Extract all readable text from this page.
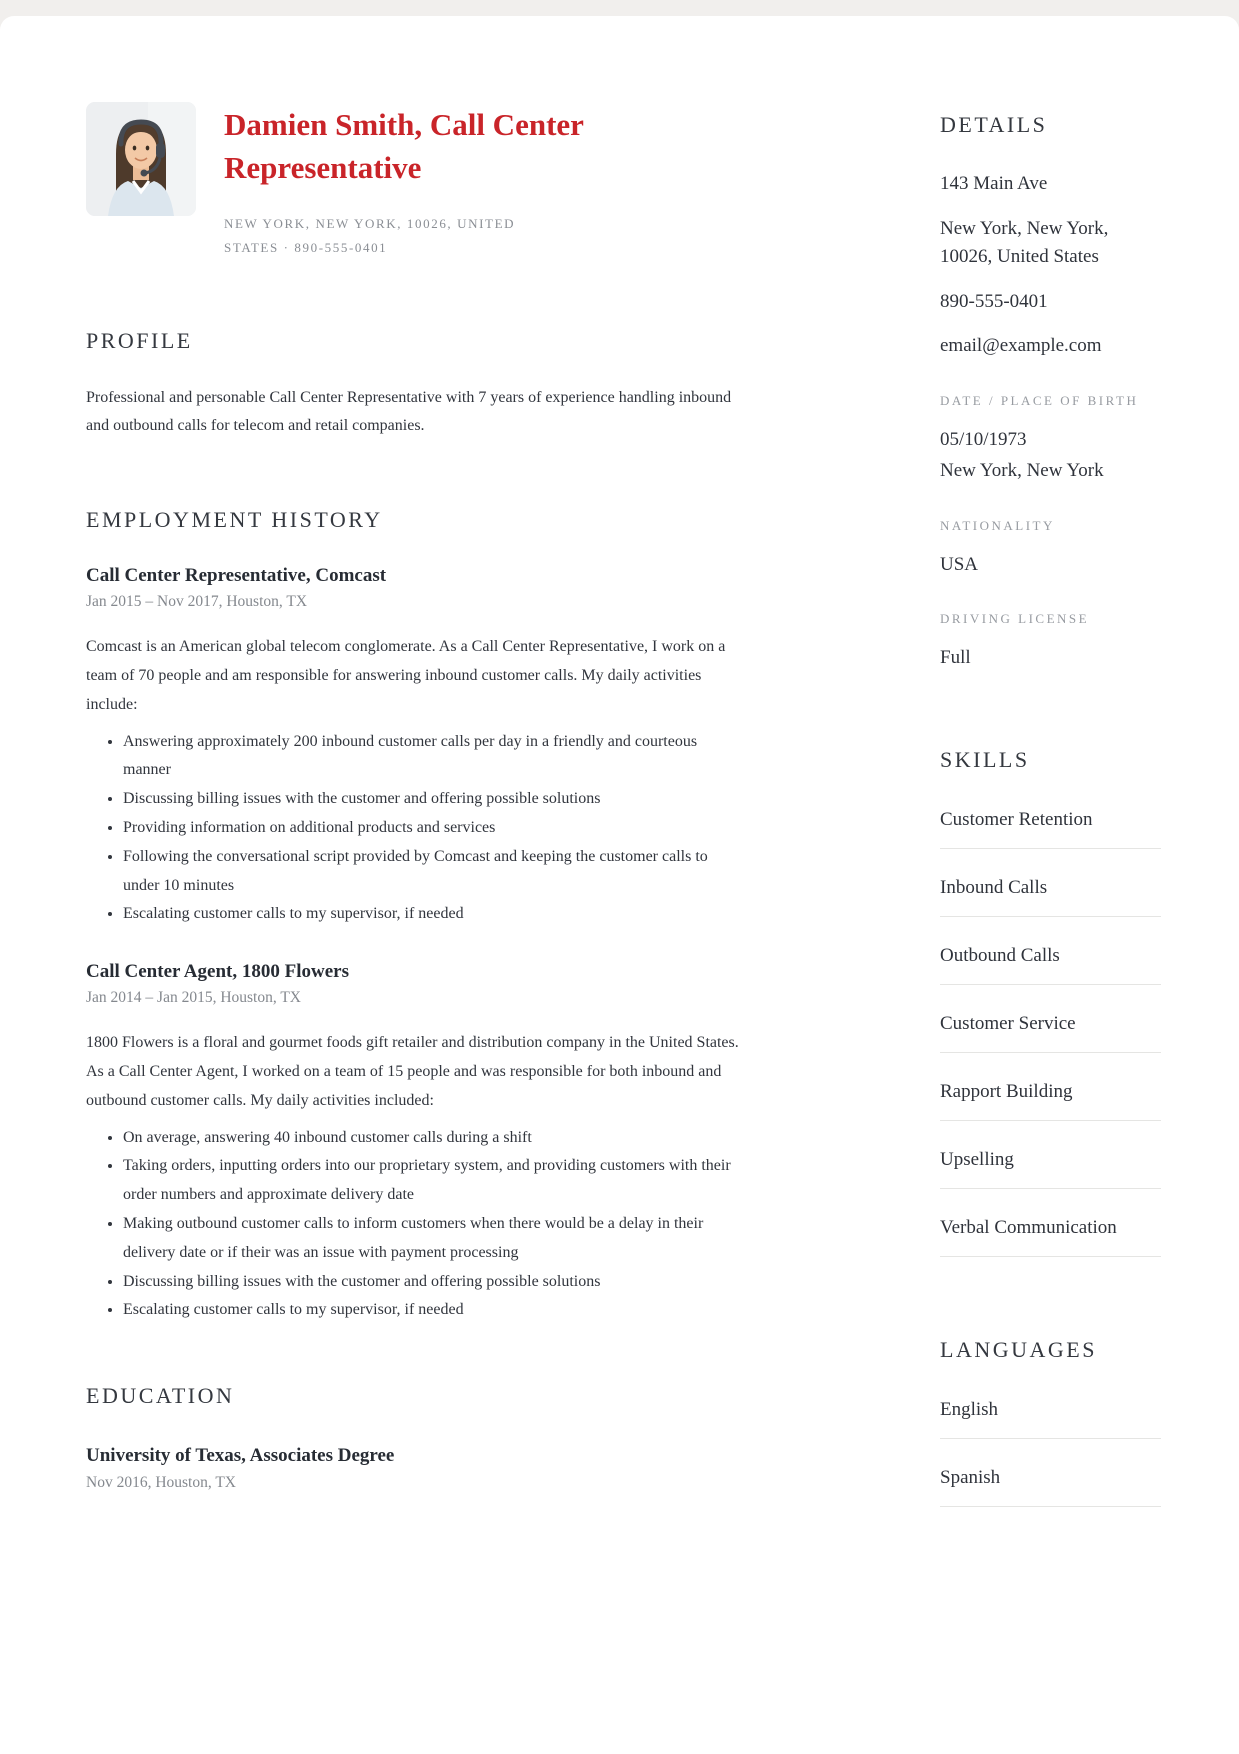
Damien Smith, Call Center Representative
NEW YORK, NEW YORK, 10026, UNITED STATES · 890-555-0401
PROFILE

Professional and personable Call Center Representative with 7 years of experience handling inbound and outbound calls for telecom and retail companies.

EMPLOYMENT HISTORY
Call Center Representative, Comcast
Jan 2015 – Nov 2017, Houston, TX

Comcast is an American global telecom conglomerate. As a Call Center Representative, I work on a team of 70 people and am responsible for answering inbound customer calls. My daily activities include:

• Answering approximately 200 inbound customer calls per day in a friendly and courteous manner
• Discussing billing issues with the customer and offering possible solutions
• Providing information on additional products and services
• Following the conversational script provided by Comcast and keeping the customer calls to under 10 minutes
• Escalating customer calls to my supervisor, if needed
Call Center Agent, 1800 Flowers
Jan 2014 – Jan 2015, Houston, TX

1800 Flowers is a floral and gourmet foods gift retailer and distribution company in the United States. As a Call Center Agent, I worked on a team of 15 people and was responsible for both inbound and outbound customer calls. My daily activities included:

• On average, answering 40 inbound customer calls during a shift
• Taking orders, inputting orders into our proprietary system, and providing customers with their order numbers and approximate delivery date
• Making outbound customer calls to inform customers when there would be a delay in their delivery date or if their was an issue with payment processing
• Discussing billing issues with the customer and offering possible solutions
• Escalating customer calls to my supervisor, if needed
EDUCATION
University of Texas, Associates Degree
Nov 2016, Houston, TX
DETAILS

143 Main Ave

New York, New York, 10026, United States

890-555-0401

email@example.com

DATE / PLACE OF BIRTH

05/10/1973

New York, New York

NATIONALITY

USA

DRIVING LICENSE

Full

SKILLS
Customer Retention
Inbound Calls
Outbound Calls
Customer Service
Rapport Building
Upselling
Verbal Communication
LANGUAGES
English
Spanish
